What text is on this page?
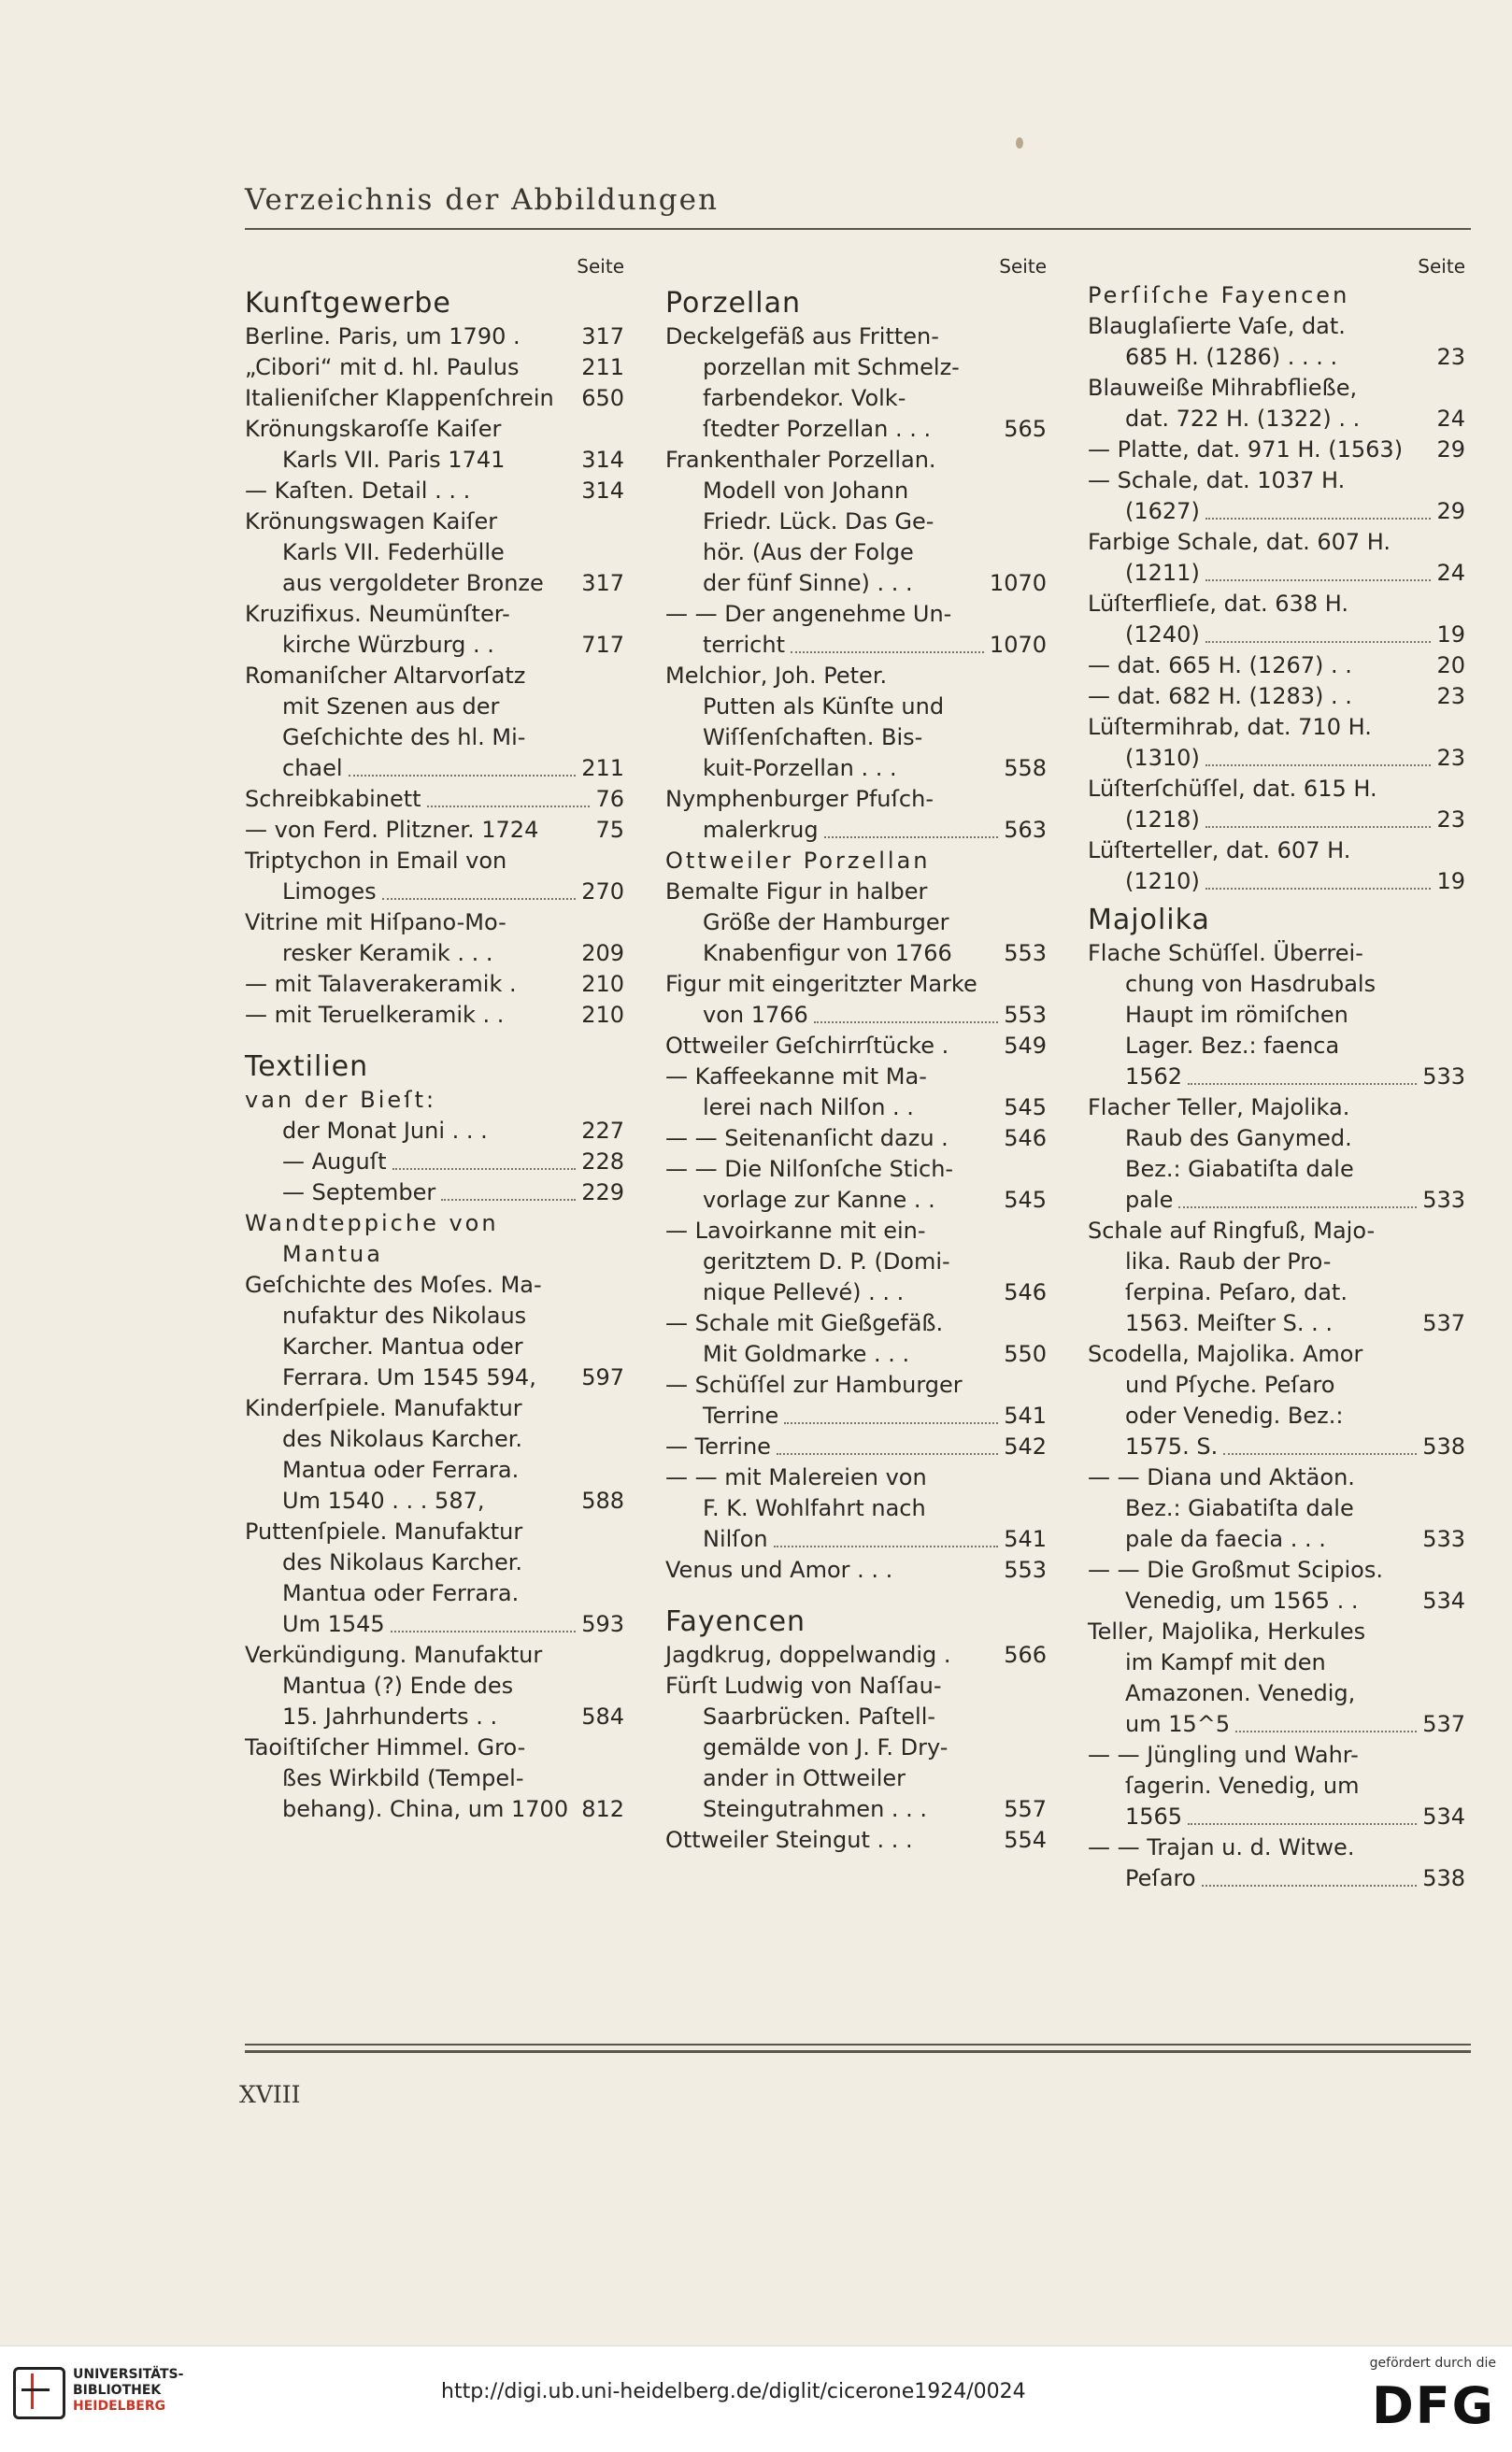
Verzeichnis der Abbildungen
Seite
Kunſtgewerbe
Berline. Paris, um 1790 .	317
„Cibori“ mit d. hl. Paulus	211
Italieniſcher Klappenſchrein 650
Krönungskaroſſe Kaiſer
Karls VII. Paris 1741	314
— Kaſten. Detail . . .	314
Krönungswagen Kaiſer
Karls VII. Federhülle
aus vergoldeter Bronze 317
Kruzifixus. Neumünſter-
kirche Würzburg . .	717
Romaniſcher Altarvorſatz
mit Szenen aus der
Geſchichte des hl. Mi-
chael	211
Schreibkabinett	76
— von Ferd. Plitzner. 1724	75
Triptychon in Email von
Limoges	270
Vitrine mit Hiſpano-Mo-
resker Keramik . . .	209
— mit Talaverakeramik .	210
— mit Teruelkeramik . .	210
Textilien
van der Bieſt:
der Monat Juni . . .	227
— Auguſt	228
— September	229
Wandteppiche von
Mantua
Geſchichte des Moſes. Ma-
nufaktur des Nikolaus
Karcher. Mantua oder
Ferrara. Um 1545 594, 597
Kinderſpiele. Manufaktur
des Nikolaus Karcher.
Mantua oder Ferrara.
Um 1540 . . . 587,	588
Puttenſpiele. Manufaktur
des Nikolaus Karcher.
Mantua oder Ferrara.
Um 1545	593
Verkündigung. Manufaktur
Mantua (?) Ende des
15. Jahrhunderts . .	584
Taoiſtiſcher Himmel. Gro-
ßes Wirkbild (Tempel-
behang). China, um 1700 812
Seite
Porzellan
Deckelgefäß aus Fritten-
porzellan mit Schmelz-
farbendekor. Volk-
ſtedter Porzellan . . .	565
Frankenthaler Porzellan.
Modell von Johann
Friedr. Lück. Das Ge-
hör. (Aus der Folge
der fünf Sinne) . . .	1070
— — Der angenehme Un-
terricht	1070
Melchior, Joh. Peter.
Putten als Künſte und
Wiſſenſchaften. Bis-
kuit-Porzellan . . .	558
Nymphenburger Pfuſch-
malerkrug	563
Ottweiler Porzellan
Bemalte Figur in halber
Größe der Hamburger
Knabenfigur von 1766 553
Figur mit eingeritzter Marke
von 1766	553
Ottweiler Geſchirrſtücke . 549
— Kaffeekanne mit Ma-
lerei nach Nilſon . .	545
— — Seitenanſicht dazu . 546
— — Die Nilſonſche Stich-
vorlage zur Kanne . .	545
— Lavoirkanne mit ein-
geritztem D. P. (Domi-
nique Pellevé) . . .	546
— Schale mit Gießgefäß.
Mit Goldmarke . . .	550
— Schüſſel zur Hamburger
Terrine	541
— Terrine	542
— — mit Malereien von
F. K. Wohlfahrt nach
Nilſon	541
Venus und Amor . . .	553
Fayencen
Jagdkrug, doppelwandig . 566
Fürſt Ludwig von Naſſau-
Saarbrücken. Paſtell-
gemälde von J. F. Dry-
ander in Ottweiler
Steingutrahmen . . .	557
Ottweiler Steingut . . .	554
Seite
Perſiſche Fayencen
Blauglaſierte Vaſe, dat.
685 H. (1286) . . . .	23
Blauweiße Mihrabfließe,
dat. 722 H. (1322) . .	24
— Platte, dat. 971 H. (1563) 29
— Schale, dat. 1037 H.
(1627)	29
Farbige Schale, dat. 607 H.
(1211)	24
Lüſterflieſe, dat. 638 H.
(1240)	19
— dat. 665 H. (1267) . .	20
— dat. 682 H. (1283) . .	23
Lüſtermihrab, dat. 710 H.
(1310)	23
Lüſterſchüſſel, dat. 615 H.
(1218)	23
Lüſterteller, dat. 607 H.
(1210)	19
Majolika
Flache Schüſſel. Überrei-
chung von Hasdrubals
Haupt im römiſchen
Lager. Bez.: faenca
1562	533
Flacher Teller, Majolika.
Raub des Ganymed.
Bez.: Giabatiſta dale
pale	533
Schale auf Ringfuß, Majo-
lika. Raub der Pro-
ſerpina. Peſaro, dat.
1563. Meiſter S. . .	537
Scodella, Majolika. Amor
und Pſyche. Peſaro
oder Venedig. Bez.:
1575. S.	538
— — Diana und Aktäon.
Bez.: Giabatiſta dale
pale da faecia . . .	533
— — Die Großmut Scipios.
Venedig, um 1565 . .	534
Teller, Majolika, Herkules
im Kampf mit den
Amazonen. Venedig,
um 15^5	537
— — Jüngling und Wahr-
ſagerin. Venedig, um
1565	534
— — Trajan u. d. Witwe.
Peſaro	538
XVIII
UNIVERSITÄTS-
BIBLIOTHEK
HEIDELBERG
http://digi.ub.uni-heidelberg.de/diglit/cicerone1924/0024
gefördert durch die
DFG
